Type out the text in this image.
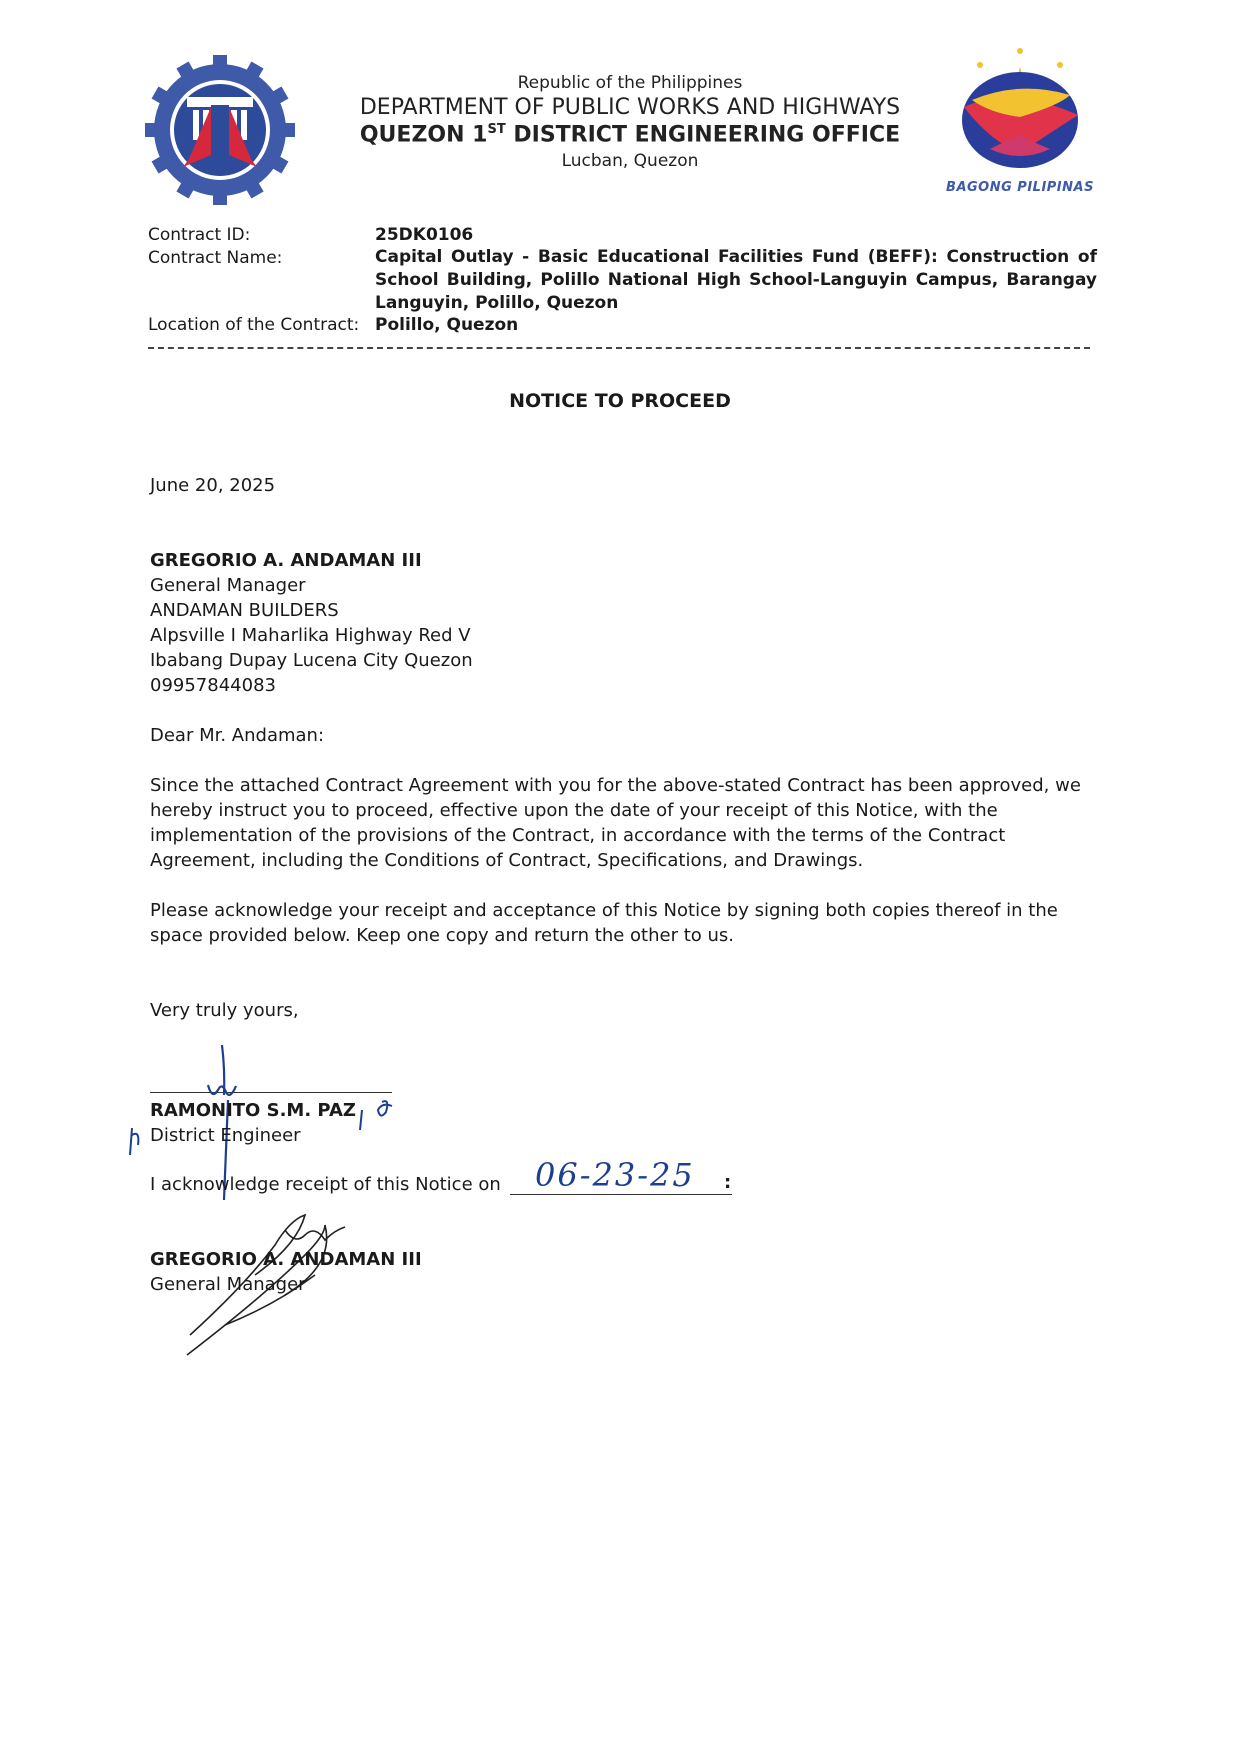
BAGONG PILIPINAS
Republic of the Philippines
DEPARTMENT OF PUBLIC WORKS AND HIGHWAYS
QUEZON 1ST DISTRICT ENGINEERING OFFICE
Lucban, Quezon
Contract ID:	25DK0106
Contract Name:	Capital Outlay - Basic Educational Facilities Fund (BEFF): Construction of School Building, Polillo National High School-Languyin Campus, Barangay Languyin, Polillo, Quezon
Location of the Contract: Polillo, Quezon
NOTICE TO PROCEED
June 20, 2025
GREGORIO A. ANDAMAN III
General Manager
ANDAMAN BUILDERS
Alpsville I Maharlika Highway Red V
Ibabang Dupay Lucena City Quezon
09957844083
Dear Mr. Andaman:
Since the attached Contract Agreement with you for the above-stated Contract has been approved, we hereby instruct you to proceed, effective upon the date of your receipt of this Notice, with the implementation of the provisions of the Contract, in accordance with the terms of the Contract Agreement, including the Conditions of Contract, Specifications, and Drawings.
Please acknowledge your receipt and acceptance of this Notice by signing both copies thereof in the space provided below. Keep one copy and return the other to us.
Very truly yours,
RAMONITO S.M. PAZ
District Engineer
I acknowledge receipt of this Notice on 06-23-25 :
GREGORIO A. ANDAMAN III
General Manager
